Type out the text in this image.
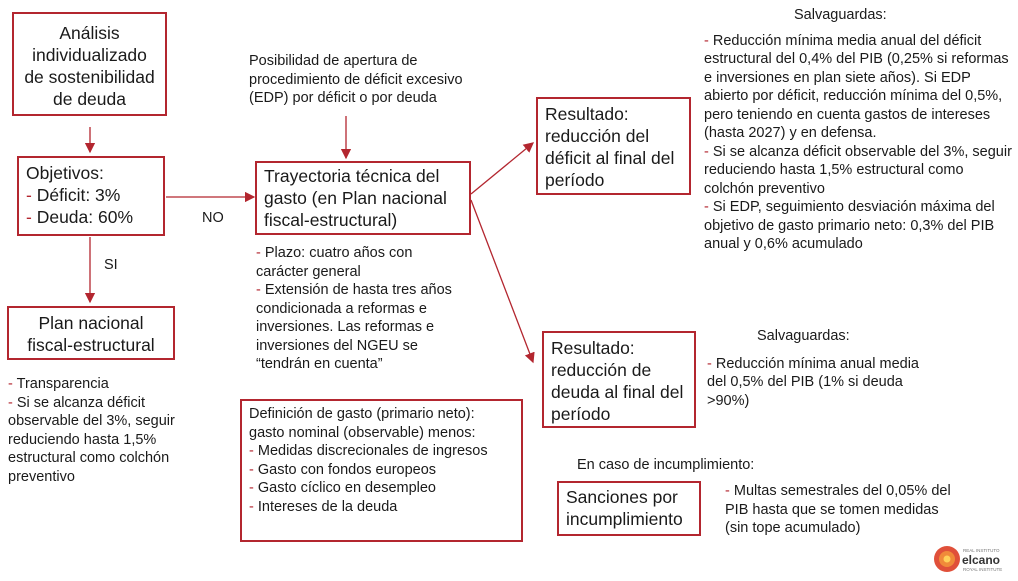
Análisis individualizado de sostenibilidad de deuda
Objetivos:
- Déficit: 3%
- Deuda: 60%
SI
NO
Plan nacional fiscal-estructural
- Transparencia
- Si se alcanza déficit observable del 3%, seguir reduciendo hasta 1,5% estructural como colchón preventivo
Posibilidad de apertura de procedimiento de déficit excesivo (EDP) por déficit o por deuda
Trayectoria técnica del gasto (en Plan nacional fiscal-estructural)
- Plazo: cuatro años con carácter general
- Extensión de hasta tres años condicionada a reformas e inversiones. Las reformas e inversiones del NGEU se “tendrán en cuenta”
Definición de gasto (primario neto): gasto nominal (observable) menos:
- Medidas discrecionales de ingresos
- Gasto con fondos europeos
- Gasto cíclico en desempleo
- Intereses de la deuda
Resultado: reducción del déficit al final del período
Salvaguardas:
- Reducción mínima media anual del déficit estructural del 0,4% del PIB (0,25% si reformas e inversiones en plan siete años). Si EDP abierto por déficit, reducción mínima del 0,5%, pero teniendo en cuenta gastos de intereses (hasta 2027) y en defensa.
- Si se alcanza déficit observable del 3%, seguir reduciendo hasta 1,5% estructural como colchón preventivo
- Si EDP, seguimiento desviación máxima del objetivo de gasto primario neto: 0,3% del PIB anual y 0,6% acumulado
Resultado: reducción de deuda al final del período
Salvaguardas:
- Reducción mínima anual media del 0,5% del PIB (1% si deuda >90%)
En caso de incumplimiento:
Sanciones por incumplimiento
- Multas semestrales del 0,05% del PIB hasta que se tomen medidas (sin tope acumulado)
REAL INSTITUTO
elcano
ROYAL INSTITUTE
